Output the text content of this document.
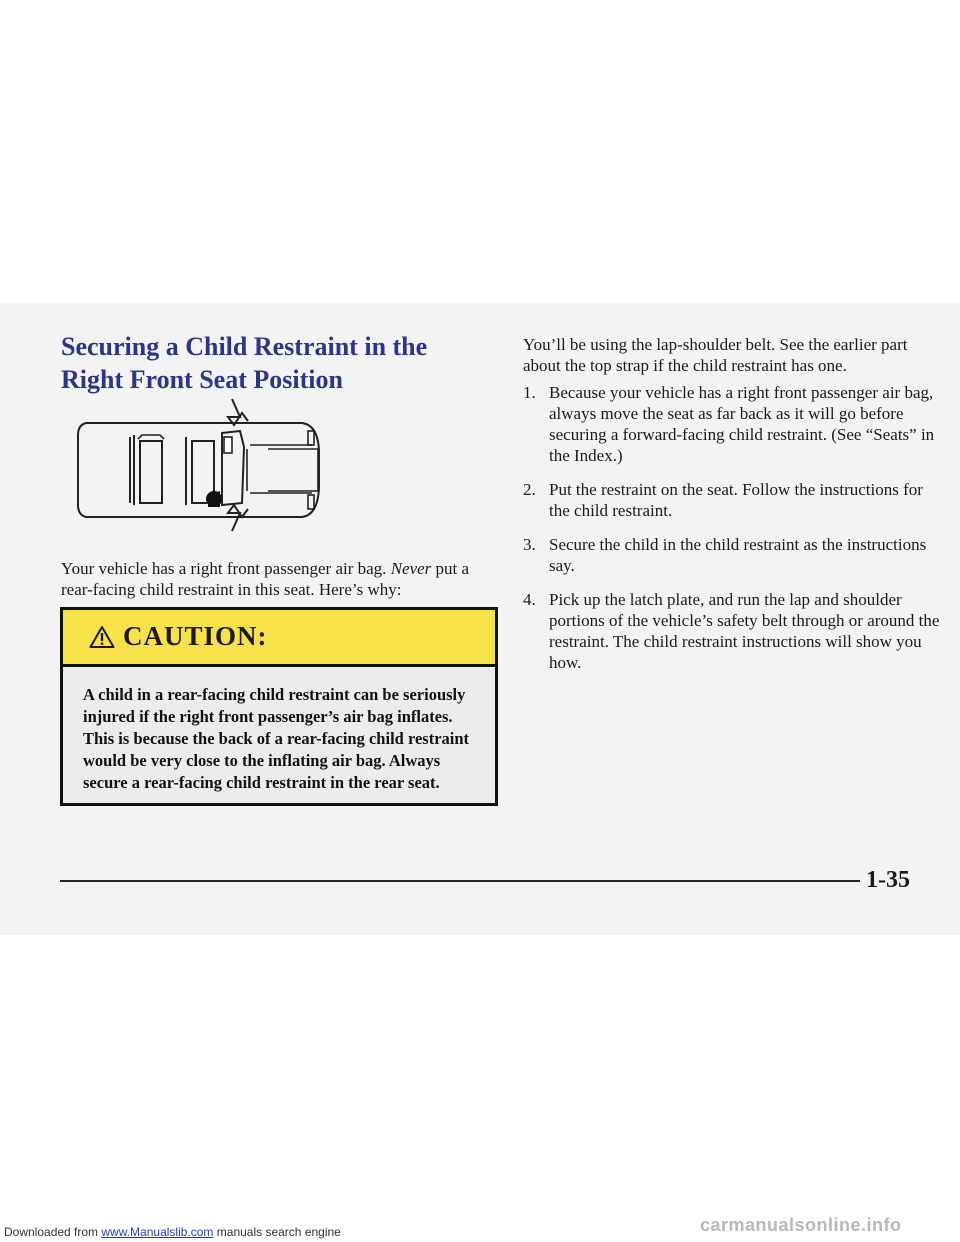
Securing a Child Restraint in the Right Front Seat Position

Your vehicle has a right front passenger air bag. Never put a rear-facing child restraint in this seat. Here’s why:

CAUTION:

A child in a rear-facing child restraint can be seriously injured if the right front passenger’s air bag inflates. This is because the back of a rear-facing child restraint would be very close to the inflating air bag. Always secure a rear-facing child restraint in the rear seat.

You’ll be using the lap-shoulder belt. See the earlier part about the top strap if the child restraint has one.

1. Because your vehicle has a right front passenger air bag, always move the seat as far back as it will go before securing a forward-facing child restraint. (See “Seats” in the Index.)
2. Put the restraint on the seat. Follow the instructions for the child restraint.
3. Secure the child in the child restraint as the instructions say.
4. Pick up the latch plate, and run the lap and shoulder portions of the vehicle’s safety belt through or around the restraint. The child restraint instructions will show you how.
1-35
Downloaded from www.Manualslib.com manuals search engine	carmanualsonline.info
